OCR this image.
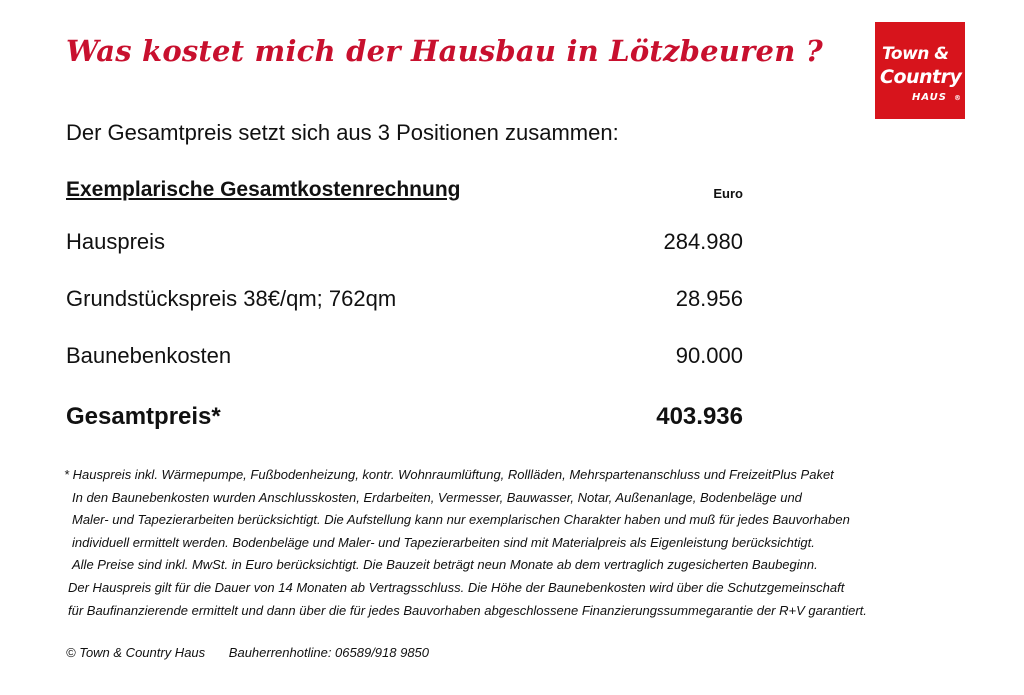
Was kostet mich der Hausbau in Lötzbeuren ?	Town &
Country
HAUS ®
Der Gesamtpreis setzt sich aus 3 Positionen zusammen:
Exemplarische Gesamtkostenrechnung	Euro
Hauspreis	284.980
Grundstückspreis 38€/qm; 762qm	28.956
Baunebenkosten	90.000
Gesamtpreis*	403.936
* Hauspreis inkl. Wärmepumpe, Fußbodenheizung, kontr. Wohnraumlüftung, Rollläden, Mehrspartenanschluss und FreizeitPlus Paket
In den Baunebenkosten wurden Anschlusskosten, Erdarbeiten, Vermesser, Bauwasser, Notar, Außenanlage, Bodenbeläge und
Maler- und Tapezierarbeiten berücksichtigt. Die Aufstellung kann nur exemplarischen Charakter haben und muß für jedes Bauvorhaben
individuell ermittelt werden. Bodenbeläge und Maler- und Tapezierarbeiten sind mit Materialpreis als Eigenleistung berücksichtigt.
Alle Preise sind inkl. MwSt. in Euro berücksichtigt. Die Bauzeit beträgt neun Monate ab dem vertraglich zugesicherten Baubeginn.
Der Hauspreis gilt für die Dauer von 14 Monaten ab Vertragsschluss. Die Höhe der Baunebenkosten wird über die Schutzgemeinschaft
für Baufinanzierende ermittelt und dann über die für jedes Bauvorhaben abgeschlossene Finanzierungssummegarantie der R+V garantiert.
© Town & Country Haus Bauherrenhotline: 06589/918 9850
